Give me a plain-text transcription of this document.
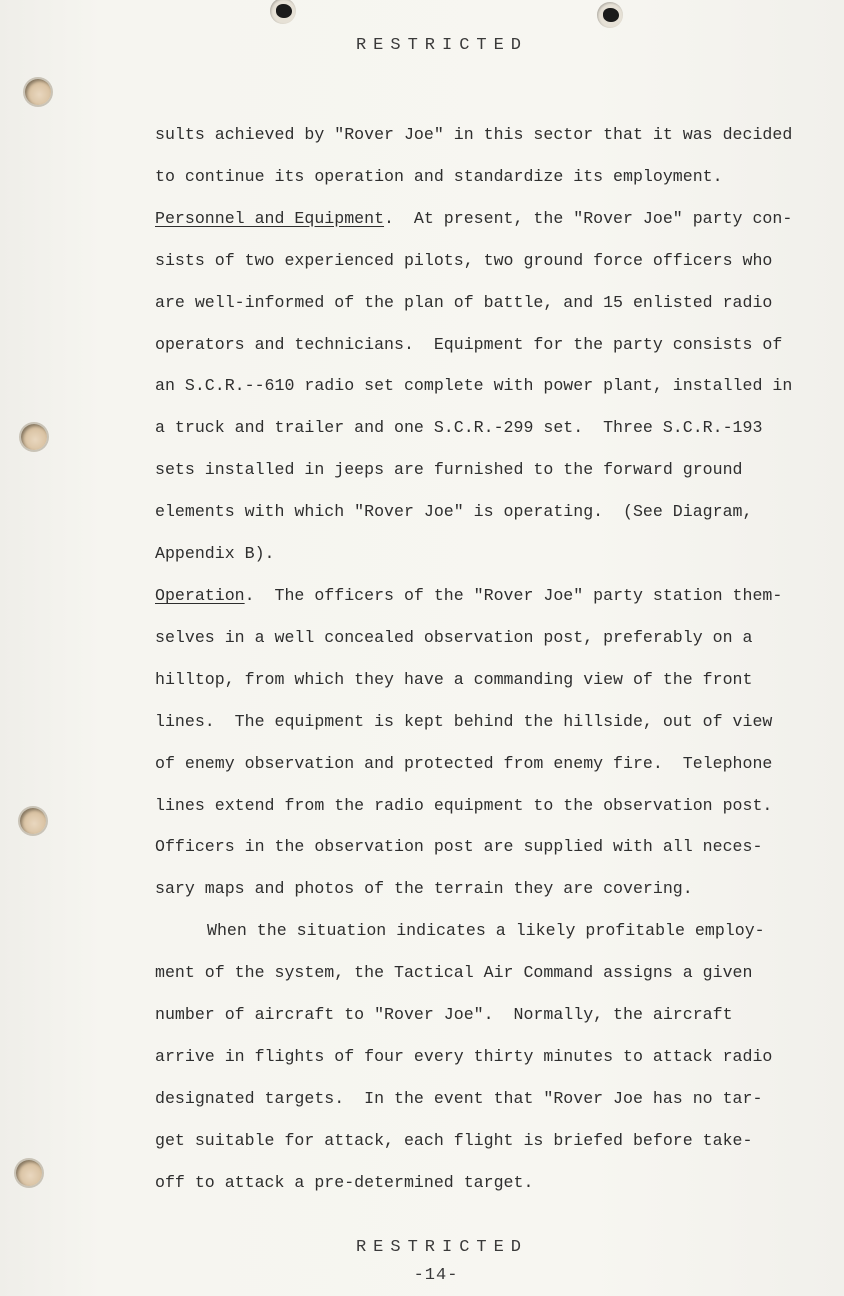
RESTRICTED
sults achieved by "Rover Joe" in this sector that it was decided
to continue its operation and standardize its employment.
Personnel and Equipment.  At present, the "Rover Joe" party con-
sists of two experienced pilots, two ground force officers who
are well-informed of the plan of battle, and 15 enlisted radio
operators and technicians.  Equipment for the party consists of
an S.C.R.--610 radio set complete with power plant, installed in
a truck and trailer and one S.C.R.-299 set.  Three S.C.R.-193
sets installed in jeeps are furnished to the forward ground
elements with which "Rover Joe" is operating.  (See Diagram,
Appendix B).
Operation.  The officers of the "Rover Joe" party station them-
selves in a well concealed observation post, preferably on a
hilltop, from which they have a commanding view of the front
lines.  The equipment is kept behind the hillside, out of view
of enemy observation and protected from enemy fire.  Telephone
lines extend from the radio equipment to the observation post.
Officers in the observation post are supplied with all neces-
sary maps and photos of the terrain they are covering.
When the situation indicates a likely profitable employ-
ment of the system, the Tactical Air Command assigns a given
number of aircraft to "Rover Joe".  Normally, the aircraft
arrive in flights of four every thirty minutes to attack radio
designated targets.  In the event that "Rover Joe has no tar-
get suitable for attack, each flight is briefed before take-
off to attack a pre-determined target.
RESTRICTED
-14-
